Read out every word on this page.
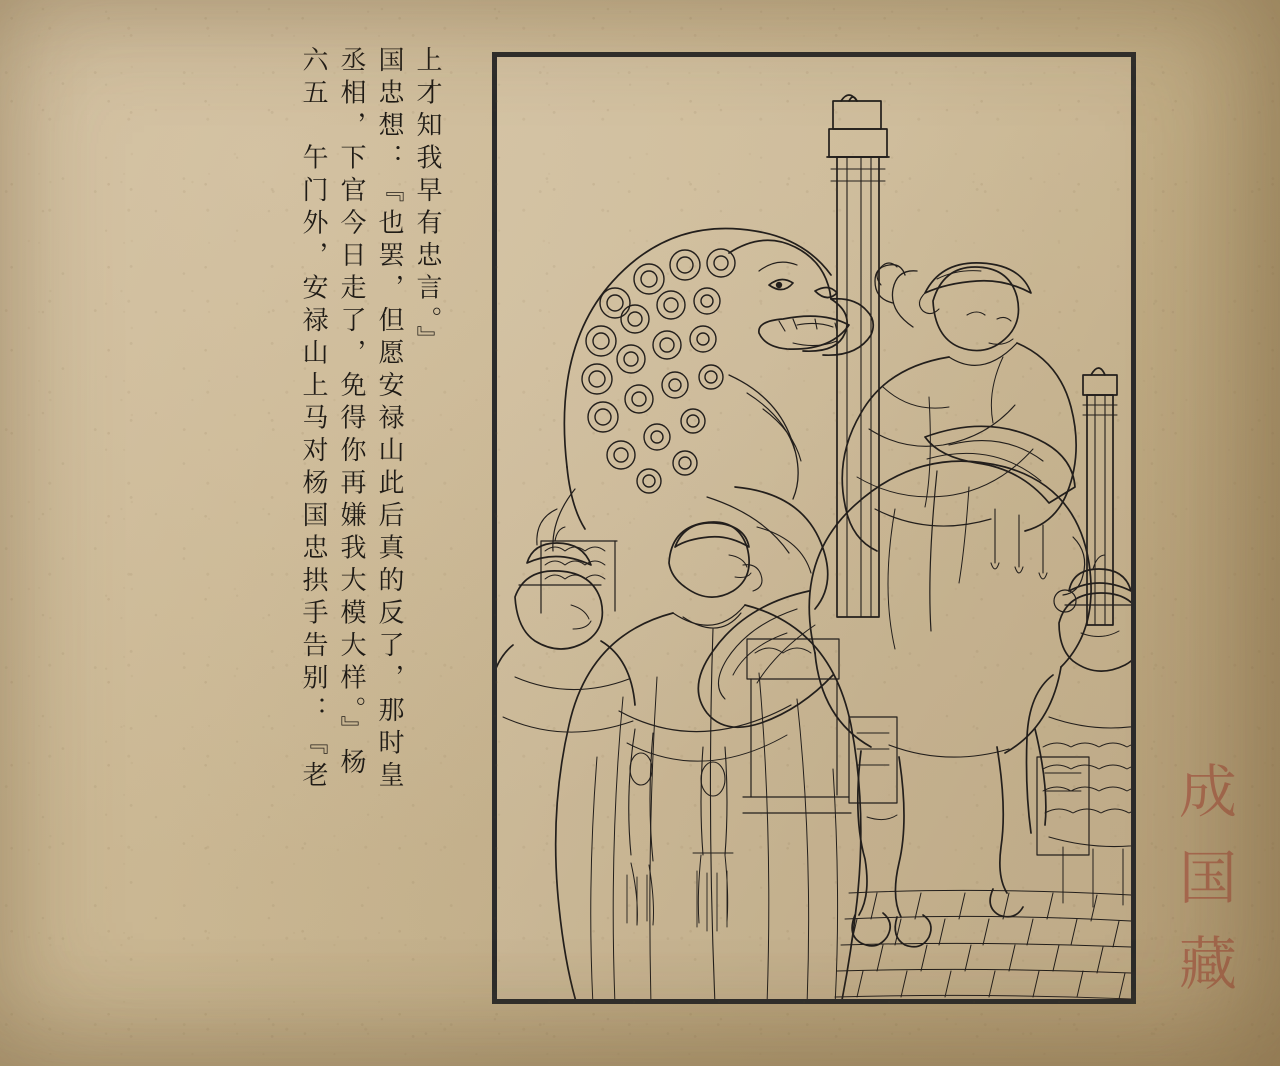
上才知我早有忠言。』
国忠想：『也罢，但愿安禄山此后真的反了，那时皇
丞相，下官今日走了，免得你再嫌我大模大样。』杨
六五　午门外，安禄山上马对杨国忠拱手告别：『老	成
国
藏
